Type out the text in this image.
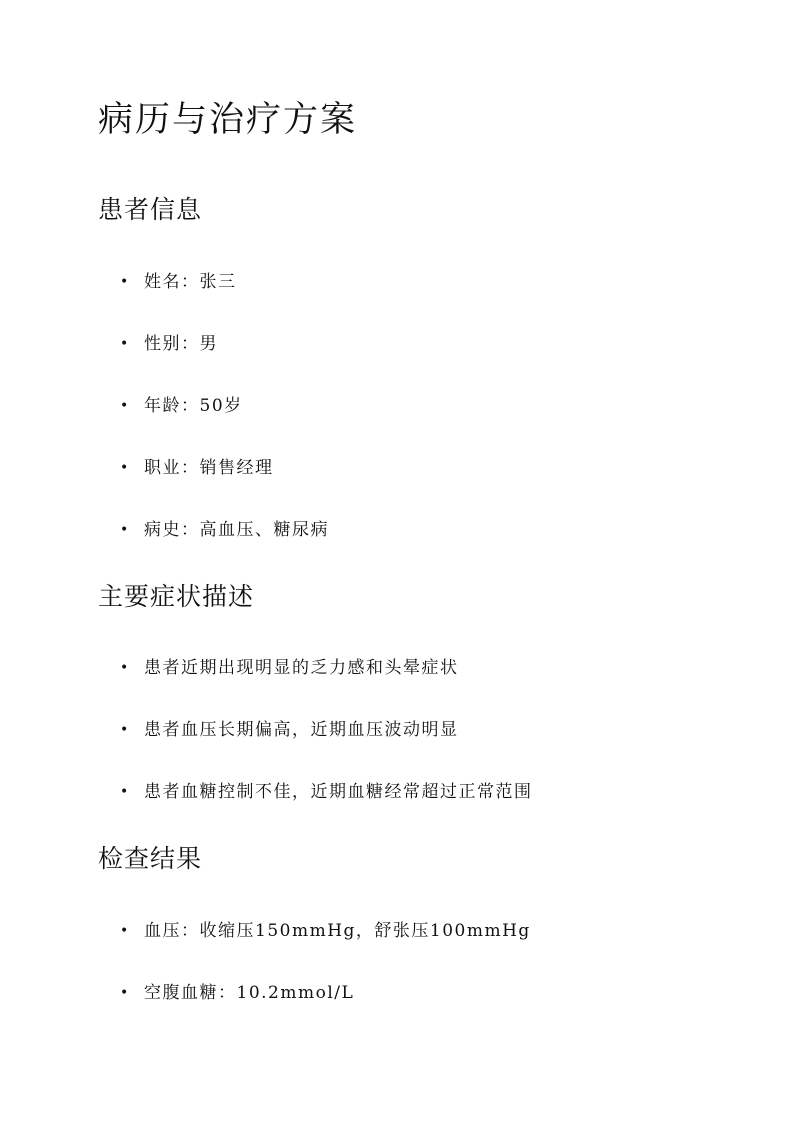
病历与治疗方案
患者信息
• 姓名：张三
• 性别：男
• 年龄：50岁
• 职业：销售经理
• 病史：高血压、糖尿病
主要症状描述
• 患者近期出现明显的乏力感和头晕症状
• 患者血压长期偏高，近期血压波动明显
• 患者血糖控制不佳，近期血糖经常超过正常范围
检查结果
• 血压：收缩压150mmHg，舒张压100mmHg
• 空腹血糖：10.2mmol/L
